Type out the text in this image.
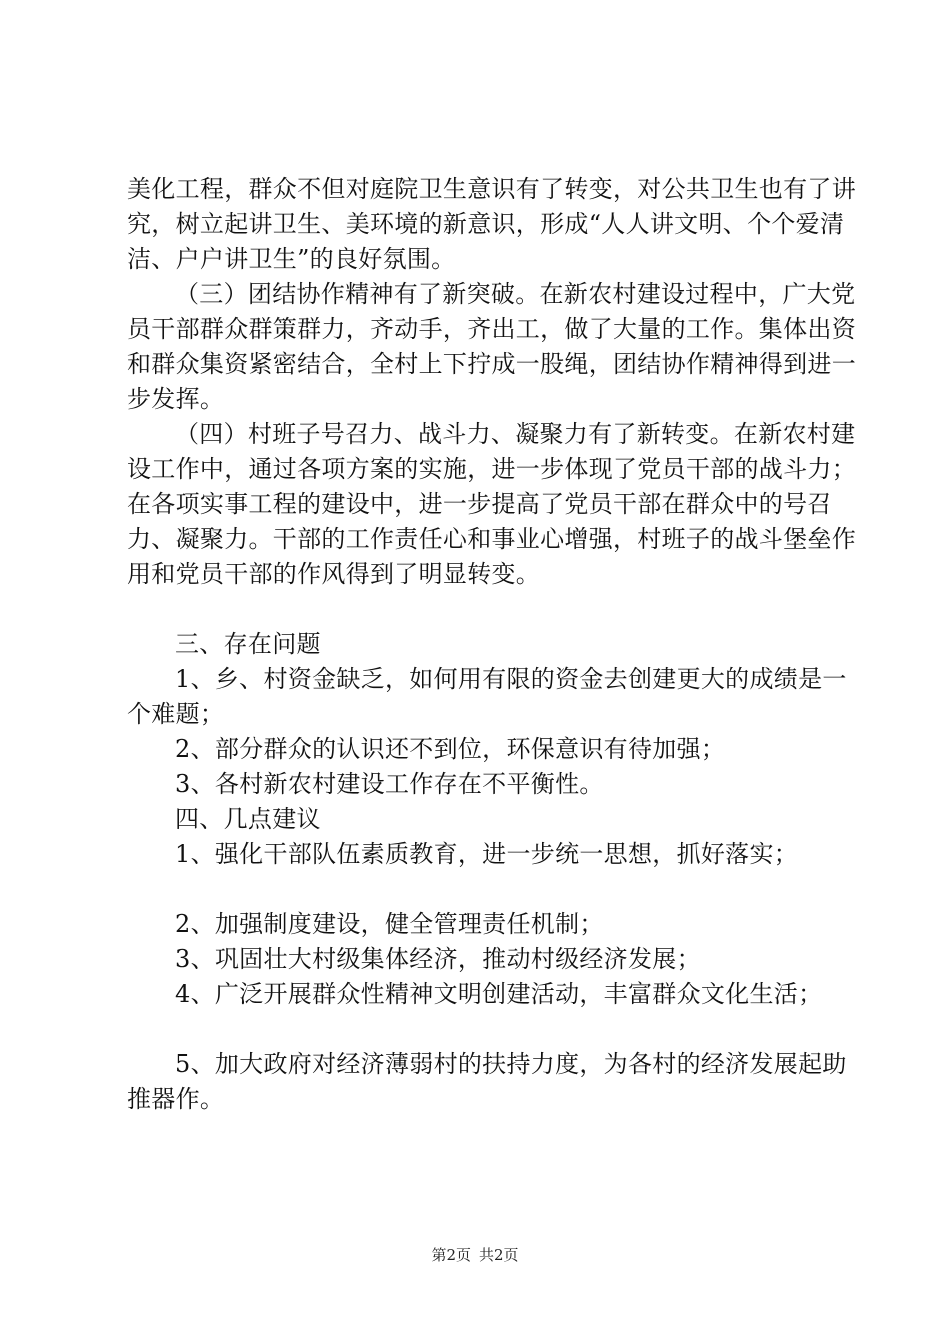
美化工程，群众不但对庭院卫生意识有了转变，对公共卫生也有了讲究，树立起讲卫生、美环境的新意识，形成“人人讲文明、个个爱清洁、户户讲卫生”的良好氛围。

（三）团结协作精神有了新突破。在新农村建设过程中，广大党员干部群众群策群力，齐动手，齐出工，做了大量的工作。集体出资和群众集资紧密结合，全村上下拧成一股绳，团结协作精神得到进一步发挥。

（四）村班子号召力、战斗力、凝聚力有了新转变。在新农村建设工作中，通过各项方案的实施，进一步体现了党员干部的战斗力；在各项实事工程的建设中，进一步提高了党员干部在群众中的号召力、凝聚力。干部的工作责任心和事业心增强，村班子的战斗堡垒作用和党员干部的作风得到了明显转变。

三、存在问题

1、乡、村资金缺乏，如何用有限的资金去创建更大的成绩是一个难题；

2、部分群众的认识还不到位，环保意识有待加强；

3、各村新农村建设工作存在不平衡性。

四、几点建议

1、强化干部队伍素质教育，进一步统一思想，抓好落实；

2、加强制度建设，健全管理责任机制；

3、巩固壮大村级集体经济，推动村级经济发展；

4、广泛开展群众性精神文明创建活动，丰富群众文化生活；

5、加大政府对经济薄弱村的扶持力度，为各村的经济发展起助推器作。

第2页 共2页
